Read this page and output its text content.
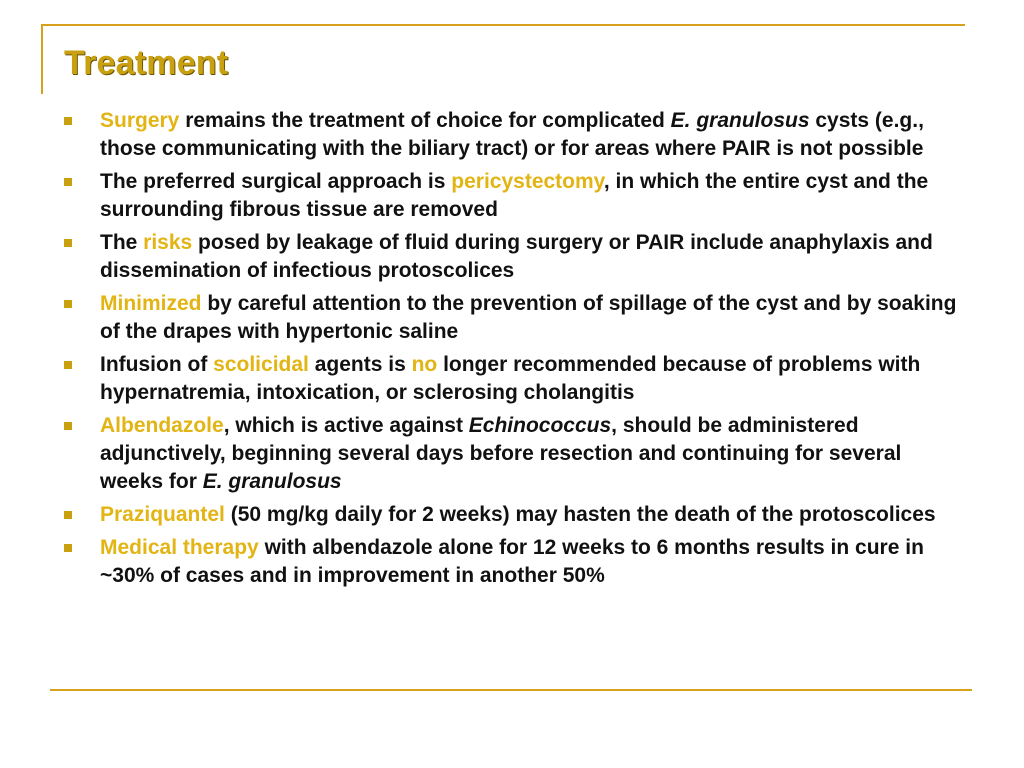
Treatment
Surgery remains the treatment of choice for complicated E. granulosus cysts (e.g., those communicating with the biliary tract) or for areas where PAIR is not possible
The preferred surgical approach is pericystectomy, in which the entire cyst and the surrounding fibrous tissue are removed
The risks posed by leakage of fluid during surgery or PAIR include anaphylaxis and dissemination of infectious protoscolices
Minimized by careful attention to the prevention of spillage of the cyst and by soaking of the drapes with hypertonic saline
Infusion of scolicidal agents is no longer recommended because of problems with hypernatremia, intoxication, or sclerosing cholangitis
Albendazole, which is active against Echinococcus, should be administered adjunctively, beginning several days before resection and continuing for several weeks for E. granulosus
Praziquantel (50 mg/kg daily for 2 weeks) may hasten the death of the protoscolices
Medical therapy with albendazole alone for 12 weeks to 6 months results in cure in ~30% of cases and in improvement in another 50%
